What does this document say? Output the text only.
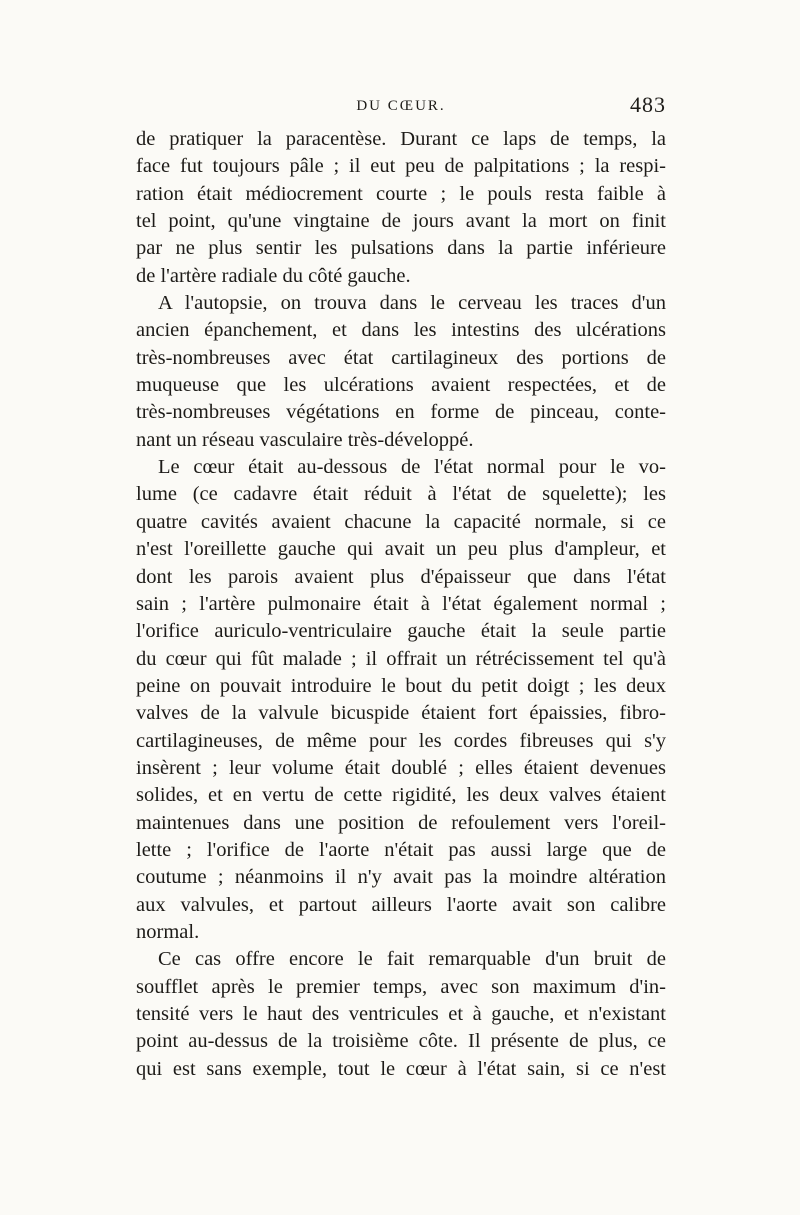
DU CŒUR.	483
de pratiquer la paracentèse. Durant ce laps de temps, la
face fut toujours pâle ; il eut peu de palpitations ; la respi-
ration était médiocrement courte ; le pouls resta faible à
tel point, qu'une vingtaine de jours avant la mort on finit
par ne plus sentir les pulsations dans la partie inférieure
de l'artère radiale du côté gauche.
A l'autopsie, on trouva dans le cerveau les traces d'un
ancien épanchement, et dans les intestins des ulcérations
très-nombreuses avec état cartilagineux des portions de
muqueuse que les ulcérations avaient respectées, et de
très-nombreuses végétations en forme de pinceau, conte-
nant un réseau vasculaire très-développé.
Le cœur était au-dessous de l'état normal pour le vo-
lume (ce cadavre était réduit à l'état de squelette); les
quatre cavités avaient chacune la capacité normale, si ce
n'est l'oreillette gauche qui avait un peu plus d'ampleur, et
dont les parois avaient plus d'épaisseur que dans l'état
sain ; l'artère pulmonaire était à l'état également normal ;
l'orifice auriculo-ventriculaire gauche était la seule partie
du cœur qui fût malade ; il offrait un rétrécissement tel qu'à
peine on pouvait introduire le bout du petit doigt ; les deux
valves de la valvule bicuspide étaient fort épaissies, fibro-
cartilagineuses, de même pour les cordes fibreuses qui s'y
insèrent ; leur volume était doublé ; elles étaient devenues
solides, et en vertu de cette rigidité, les deux valves étaient
maintenues dans une position de refoulement vers l'oreil-
lette ; l'orifice de l'aorte n'était pas aussi large que de
coutume ; néanmoins il n'y avait pas la moindre altération
aux valvules, et partout ailleurs l'aorte avait son calibre
normal.
Ce cas offre encore le fait remarquable d'un bruit de
soufflet après le premier temps, avec son maximum d'in-
tensité vers le haut des ventricules et à gauche, et n'existant
point au-dessus de la troisième côte. Il présente de plus, ce
qui est sans exemple, tout le cœur à l'état sain, si ce n'est
